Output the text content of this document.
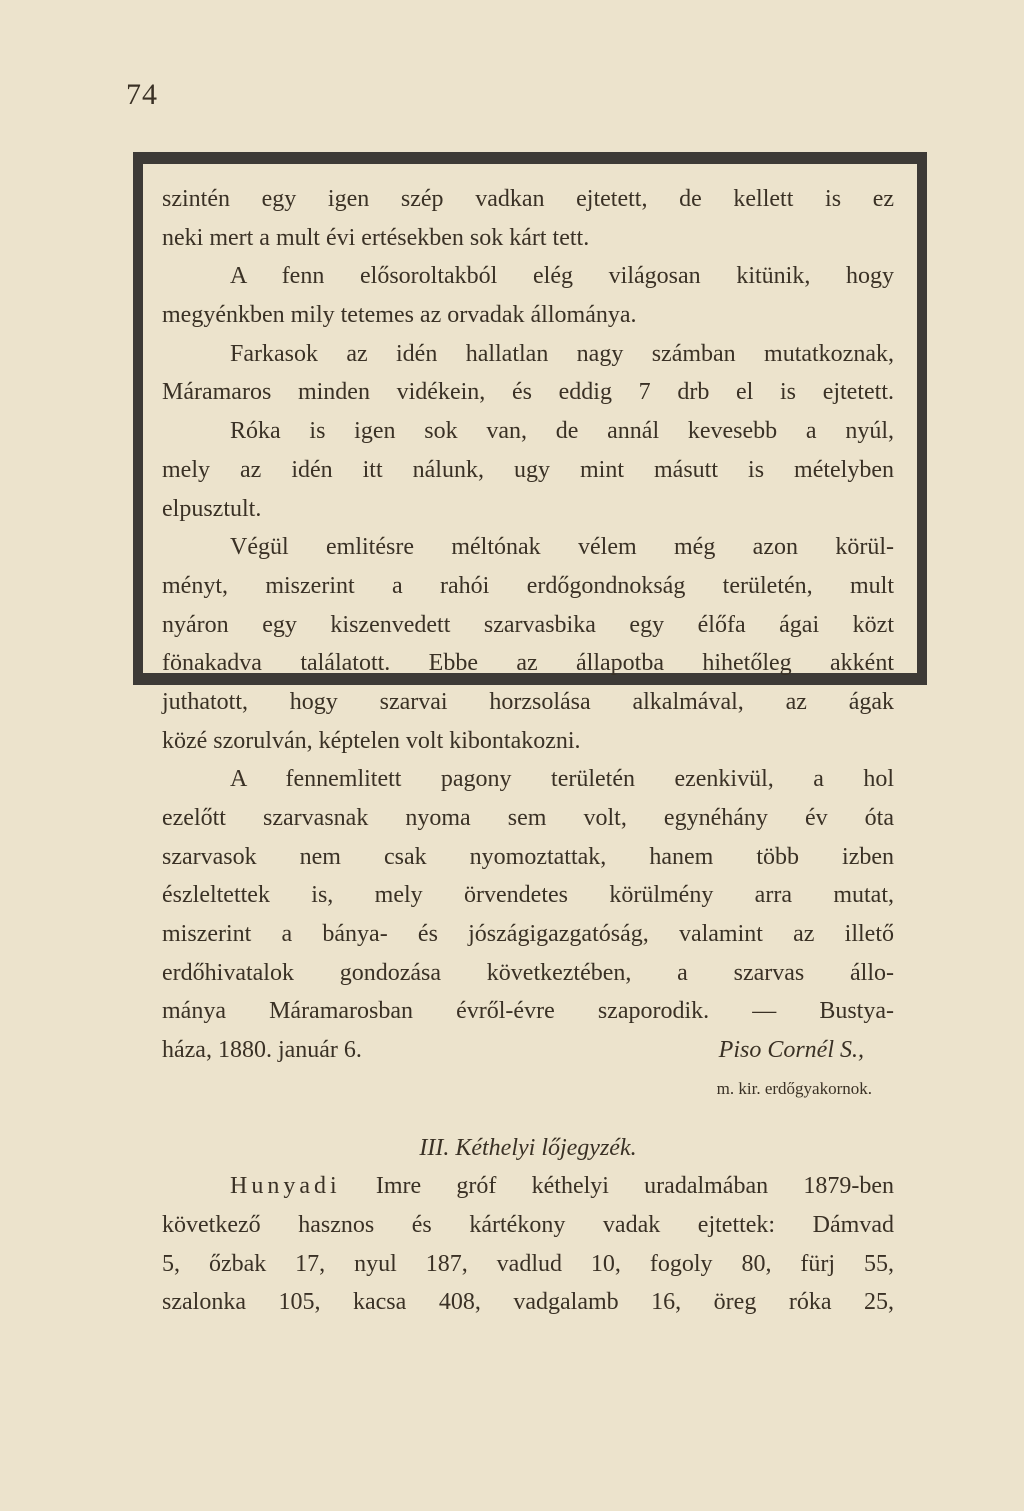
74
szintén egy igen szép vadkan ejtetett, de kellett is ez
neki mert a mult évi ertésekben sok kárt tett.
A fenn elősoroltakból elég világosan kitünik, hogy
megyénkben mily tetemes az orvadak állománya.
Farkasok az idén hallatlan nagy számban mutatkoznak,
Máramaros minden vidékein, és eddig 7 drb el is ejtetett.
Róka is igen sok van, de annál kevesebb a nyúl,
mely az idén itt nálunk, ugy mint másutt is mételyben
elpusztult.
Végül emlitésre méltónak vélem még azon körül-
ményt, miszerint a rahói erdőgondnokság területén, mult
nyáron egy kiszenvedett szarvasbika egy élőfa ágai közt
fönakadva találatott. Ebbe az állapotba hihetőleg akként
juthatott, hogy szarvai horzsolása alkalmával, az ágak
közé szorulván, képtelen volt kibontakozni.
A fennemlitett pagony területén ezenkivül, a hol
ezelőtt szarvasnak nyoma sem volt, egynéhány év óta
szarvasok nem csak nyomoztattak, hanem több izben
észleltettek is, mely örvendetes körülmény arra mutat,
miszerint a bánya- és jószágigazgatóság, valamint az illető
erdőhivatalok gondozása következtében, a szarvas állo-
mánya Máramarosban évről-évre szaporodik. — Bustya-
háza, 1880. január 6.	Piso Cornél S.,
m. kir. erdőgyakornok.
III. Kéthelyi lőjegyzék.
Hunyadi Imre gróf kéthelyi uradalmában 1879-ben
következő hasznos és kártékony vadak ejtettek: Dámvad
5, őzbak 17, nyul 187, vadlud 10, fogoly 80, fürj 55,
szalonka 105, kacsa 408, vadgalamb 16, öreg róka 25,
